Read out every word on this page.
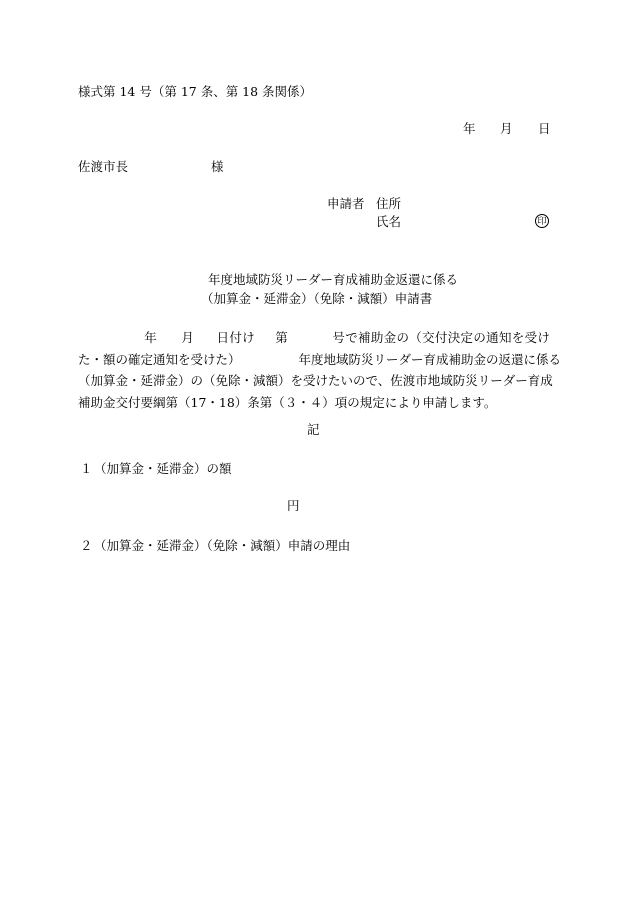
様式第 14 号（第 17 条、第 18 条関係）
年 月 日
佐渡市長	様
申請者 住所
氏名	印
年度地域防災リーダー育成補助金返還に係る
（加算金・延滞金）（免除・減額）申請書
年 月 日付け 第	号で補助金の（交付決定の通知を受け
た・額の確定通知を受けた）	年度地域防災リーダー育成補助金の返還に係る
（加算金・延滞金）の（免除・減額）を受けたいので、佐渡市地域防災リーダー育成
補助金交付要綱第（17・18）条第（３・４）項の規定により申請します。
記
１ （加算金・延滞金）の額
円
２ （加算金・延滞金）（免除・減額）申請の理由
